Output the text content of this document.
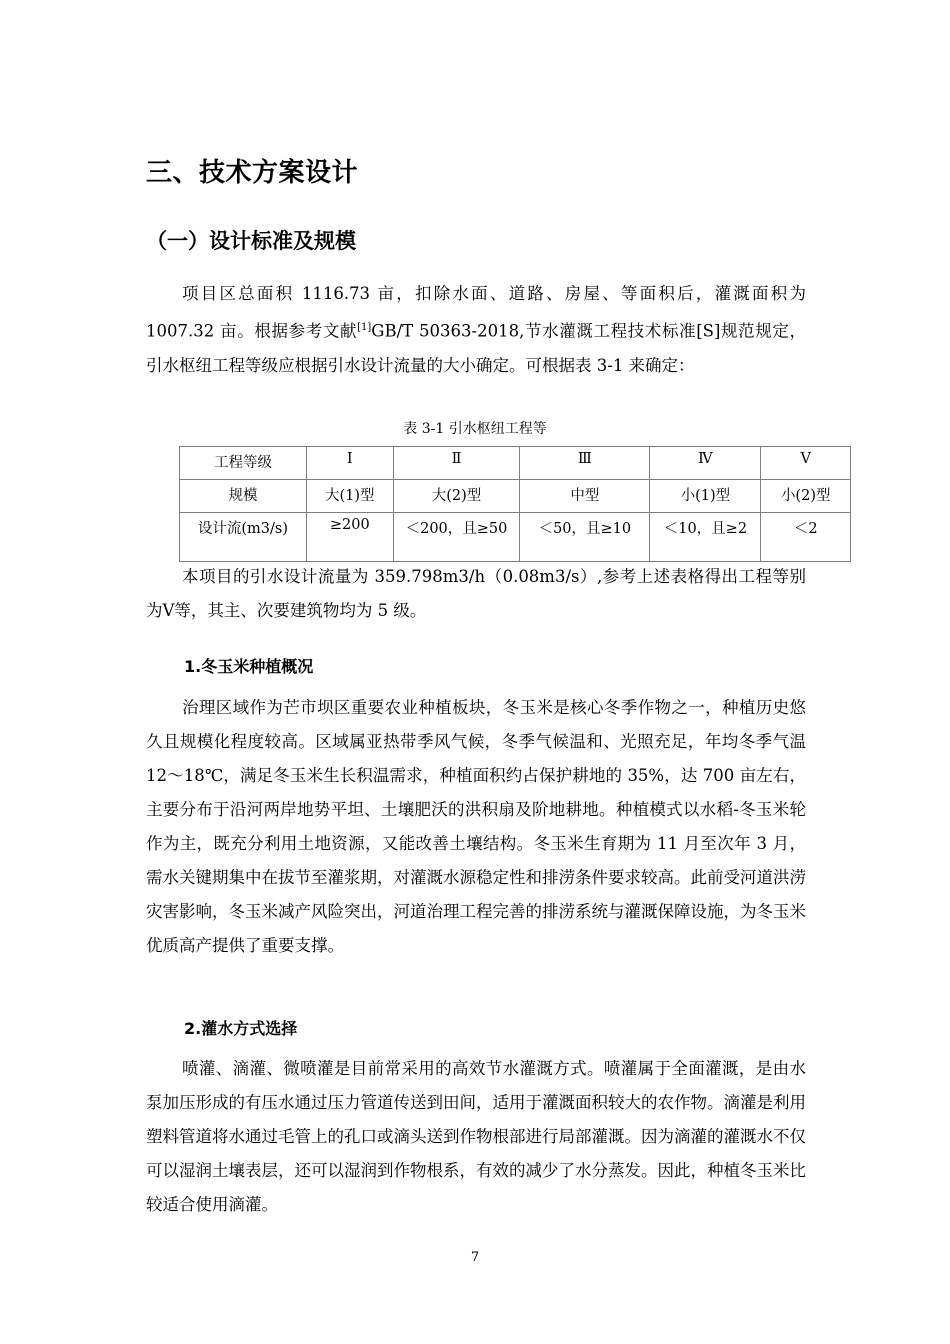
三、技术方案设计
（一）设计标准及规模

项目区总面积 1116.73 亩，扣除水面、道路、房屋、等面积后，灌溉面积为 1007.32 亩。根据参考文献[1]GB/T 50363-2018,节水灌溉工程技术标准[S]规范规定，引水枢纽工程等级应根据引水设计流量的大小确定。可根据表 3-1 来确定：

表 3-1 引水枢纽工程等
工程等级	Ⅰ	Ⅱ	Ⅲ	Ⅳ	Ⅴ
规模	大(1)型	大(2)型	中型	小(1)型	小(2)型
设计流(m3/s)	≥200	＜200，且≥50	＜50，且≥10	＜10，且≥2	＜2

本项目的引水设计流量为 359.798m3/h（0.08m3/s）,参考上述表格得出工程等别为Ⅴ等，其主、次要建筑物均为 5 级。

1.冬玉米种植概况

治理区域作为芒市坝区重要农业种植板块，冬玉米是核心冬季作物之一，种植历史悠久且规模化程度较高。区域属亚热带季风气候，冬季气候温和、光照充足，年均冬季气温 12～18℃，满足冬玉米生长积温需求，种植面积约占保护耕地的 35%，达 700 亩左右，主要分布于沿河两岸地势平坦、土壤肥沃的洪积扇及阶地耕地。种植模式以水稻-冬玉米轮作为主，既充分利用土地资源，又能改善土壤结构。冬玉米生育期为 11 月至次年 3 月，需水关键期集中在拔节至灌浆期，对灌溉水源稳定性和排涝条件要求较高。此前受河道洪涝灾害影响，冬玉米减产风险突出，河道治理工程完善的排涝系统与灌溉保障设施，为冬玉米优质高产提供了重要支撑。

2.灌水方式选择

喷灌、滴灌、微喷灌是目前常采用的高效节水灌溉方式。喷灌属于全面灌溉，是由水泵加压形成的有压水通过压力管道传送到田间，适用于灌溉面积较大的农作物。滴灌是利用塑料管道将水通过毛管上的孔口或滴头送到作物根部进行局部灌溉。因为滴灌的灌溉水不仅可以湿润土壤表层，还可以湿润到作物根系，有效的减少了水分蒸发。因此，种植冬玉米比较适合使用滴灌。

7
